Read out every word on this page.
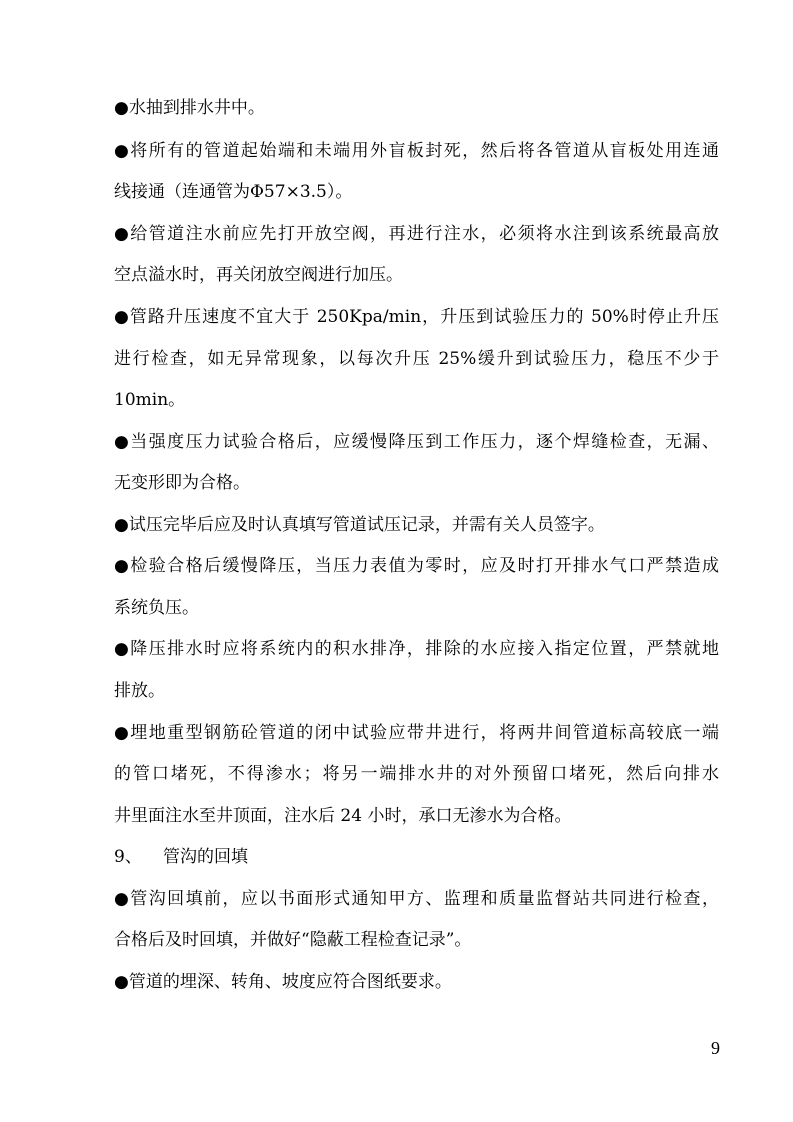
●水抽到排水井中。
●将所有的管道起始端和未端用外盲板封死，然后将各管道从盲板处用连通
线接通（连通管为Φ57×3.5）。
●给管道注水前应先打开放空阀，再进行注水，必须将水注到该系统最高放
空点溢水时，再关闭放空阀进行加压。
●管路升压速度不宜大于 250Kpa/min，升压到试验压力的 50%时停止升压
进行检查，如无异常现象，以每次升压 25%缓升到试验压力，稳压不少于
10min。
●当强度压力试验合格后，应缓慢降压到工作压力，逐个焊缝检查，无漏、
无变形即为合格。
●试压完毕后应及时认真填写管道试压记录，并需有关人员签字。
●检验合格后缓慢降压，当压力表值为零时，应及时打开排水气口严禁造成
系统负压。
●降压排水时应将系统内的积水排净，排除的水应接入指定位置，严禁就地
排放。
●埋地重型钢筋砼管道的闭中试验应带井进行，将两井间管道标高较底一端
的管口堵死，不得渗水；将另一端排水井的对外预留口堵死，然后向排水
井里面注水至井顶面，注水后 24 小时，承口无渗水为合格。
9、 管沟的回填
●管沟回填前，应以书面形式通知甲方、监理和质量监督站共同进行检查，
合格后及时回填，并做好“隐蔽工程检查记录”。
●管道的埋深、转角、坡度应符合图纸要求。
9
